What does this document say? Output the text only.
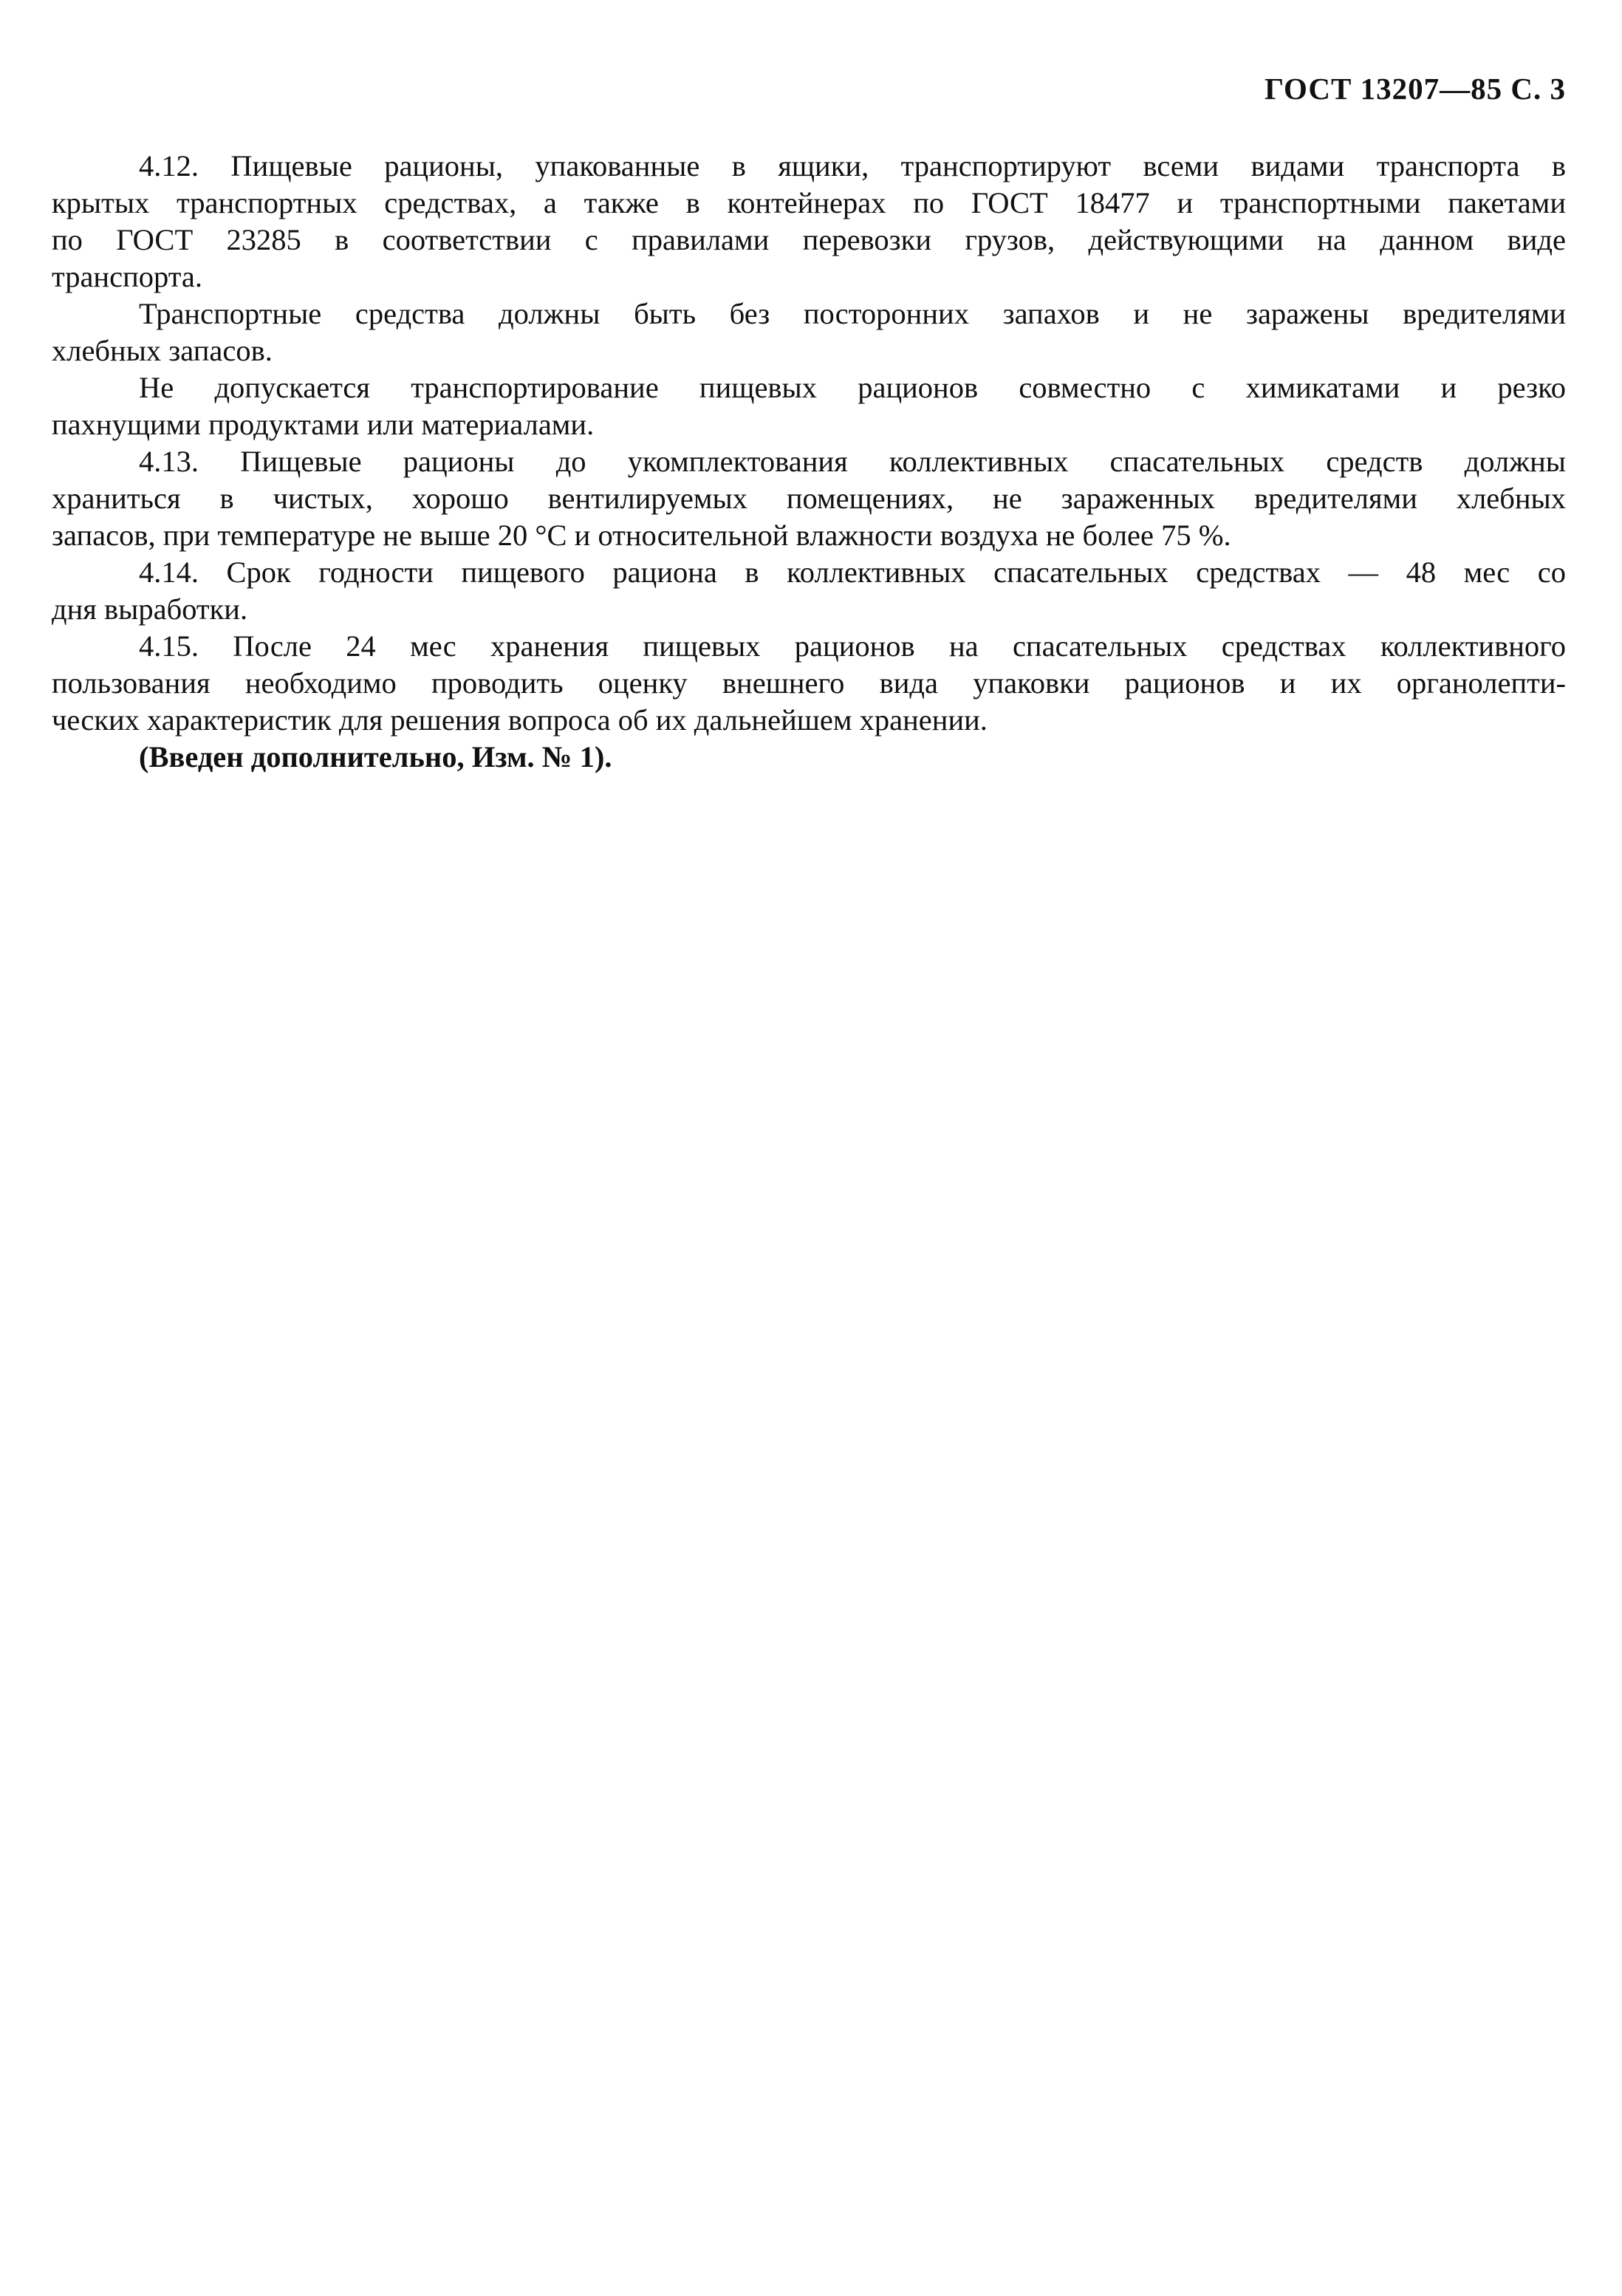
ГОСТ 13207—85 С. 3
4.12. Пищевые рационы, упакованные в ящики, транспортируют всеми видами транспорта в
крытых транспортных средствах, а также в контейнерах по ГОСТ 18477 и транспортными пакетами
по ГОСТ 23285 в соответствии с правилами перевозки грузов, действующими на данном виде
транспорта.
Транспортные средства должны быть без посторонних запахов и не заражены вредителями
хлебных запасов.
Не допускается транспортирование пищевых рационов совместно с химикатами и резко
пахнущими продуктами или материалами.
4.13. Пищевые рационы до укомплектования коллективных спасательных средств должны
храниться в чистых, хорошо вентилируемых помещениях, не зараженных вредителями хлебных
запасов, при температуре не выше 20 °С и относительной влажности воздуха не более 75 %.
4.14. Срок годности пищевого рациона в коллективных спасательных средствах — 48 мес со
дня выработки.
4.15. После 24 мес хранения пищевых рационов на спасательных средствах коллективного
пользования необходимо проводить оценку внешнего вида упаковки рационов и их органолепти-
ческих характеристик для решения вопроса об их дальнейшем хранении.
(Введен дополнительно, Изм. № 1).
